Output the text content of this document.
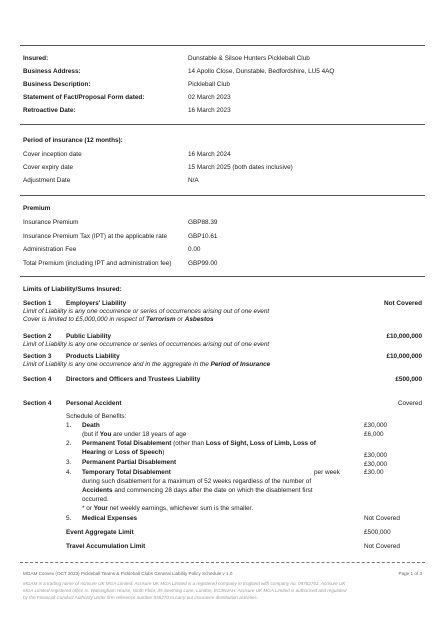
Insured:	Dunstable & Silsoe Hunters Pickleball Club
Business Address:	14 Apollo Close, Dunstable, Bedfordshire, LU5 4AQ
Business Description:	Pickleball Club
Statement of Fact/Proposal Form dated:	02 March 2023
Retroactive Date:	16 March 2023
Period of insurance (12 months):
Cover inception date	16 March 2024
Cover expiry date	15 March 2025 (both dates inclusive)
Adjustment Date	N/A
Premium
Insurance Premium	GBP88.39
Insurance Premium Tax (IPT) at the applicable rate	GBP10.61
Administration Fee	0.00
Total Premium (including IPT and administration fee)	GBP99.00
Limits of Liability/Sums Insured:
Section 1 Employers' Liability	Not Covered
Limit of Liability is any one occurrence or series of occurrences arising out of one event
Cover is limited to £5,000,000 in respect of Terrorism or Asbestos
Section 2 Public Liability	£10,000,000
Limit of Liability is any one occurrence or series of occurrences arising out of one event
Section 3 Products Liability	£10,000,000
Limit of Liability is any one occurrence and in the aggregate in the Period of Insurance
Section 4 Directors and Officers and Trustees Liability	£500,000
Section 4 Personal Accident	Covered
Schedule of Benefits:
1. Death	£30,000
(but if You are under 18 years of age	£6,000
2. Permanent Total Disablement (other than Loss of Sight, Loss of Limb, Loss of
Hearing or Loss of Speech)	£30,000
3. Permanent Partial Disablement	£30,000
4. Temporary Total Disablement	per week	£30.00
during such disablement for a maximum of 52 weeks regardless of the number of
Accidents and commencing 28 days after the date on which the disablement first
occurred.
* or Your net weekly earnings, whichever sum is the smaller.
5. Medical Expenses	Not Covered
Event Aggregate Limit	£500,000
Travel Accumulation Limit	Not Covered
MGAM Convex (OCT 2023) Pickleball Teams & Pickleball Clubs General Liability Policy Schedule v 1.0	Page 1 of 3
MGAM is a trading name of Acrisure UK MGA Limited. Acrisure UK MGA Limited is a registered company in England with company no. 09782763. Acrisure UK
MGA Limited registered office is: Walsingham House, Ninth Floor, 35 Seething Lane, London, EC3N4AH. Acrisure UK MGA Limited is authorised and regulated
by the Financial Conduct Authority under firm reference number 835270 to carry out insurance distribution activities.
